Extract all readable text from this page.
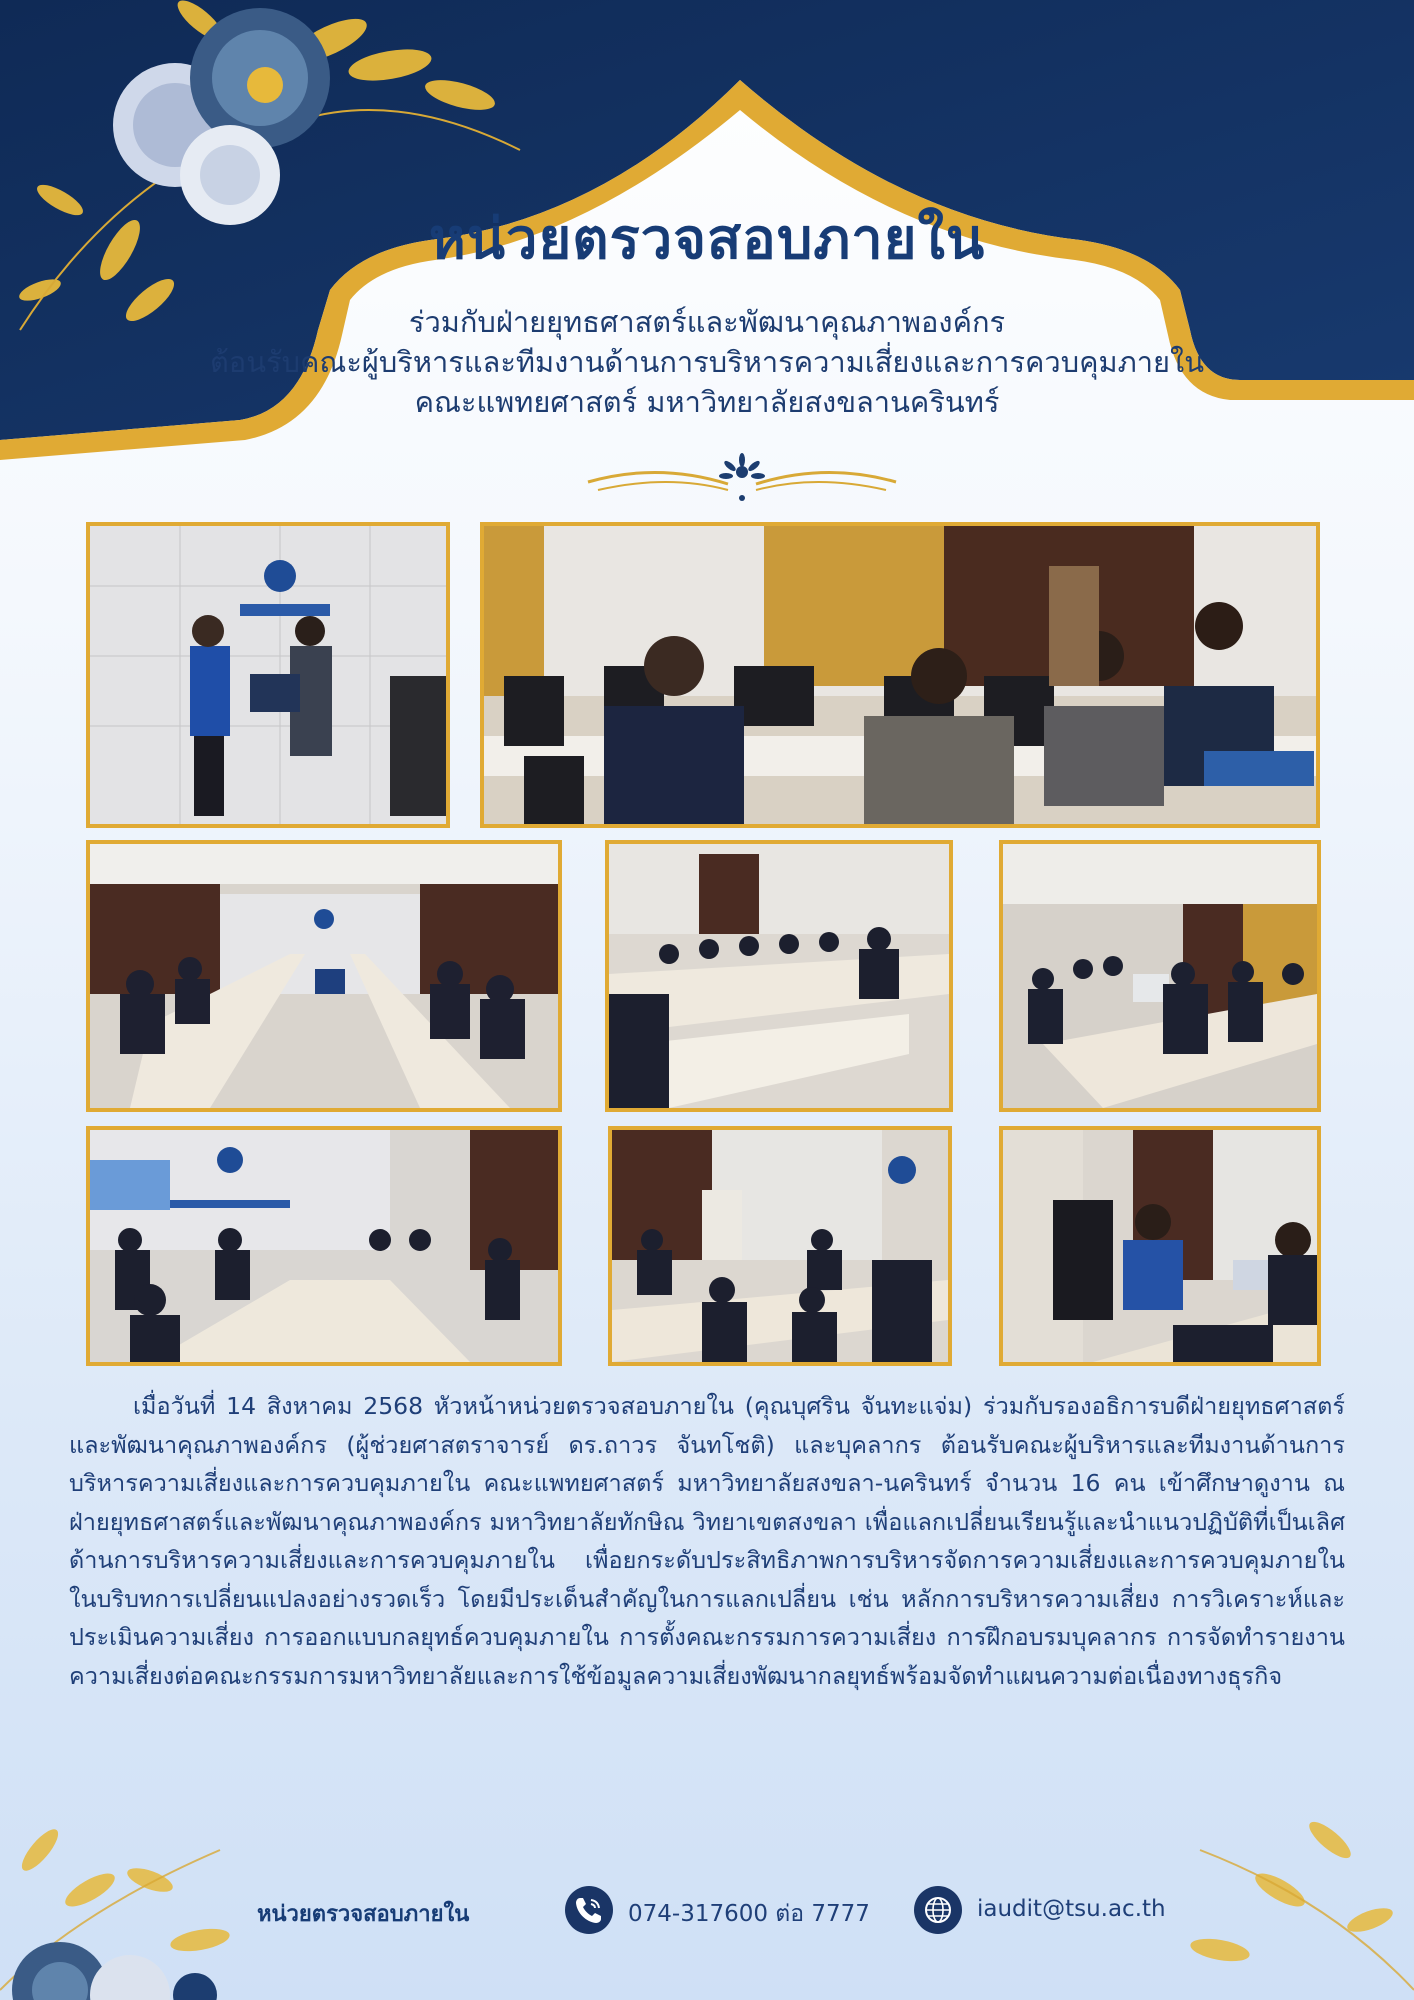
หน่วยตรวจสอบภายใน
ร่วมกับฝ่ายยุทธศาสตร์และพัฒนาคุณภาพองค์กร
ต้อนรับคณะผู้บริหารและทีมงานด้านการบริหารความเสี่ยงและการควบคุมภายใน
คณะแพทยศาสตร์ มหาวิทยาลัยสงขลานครินทร์
เมื่อวันที่ 14 สิงหาคม 2568 หัวหน้าหน่วยตรวจสอบภายใน (คุณบุศริน จันทะแจ่ม) ร่วมกับรองอธิการบดีฝ่ายยุทธศาสตร์และพัฒนาคุณภาพองค์กร (ผู้ช่วยศาสตราจารย์ ดร.ถาวร จันทโชติ) และบุคลากร ต้อนรับคณะผู้บริหารและทีมงานด้านการบริหารความเสี่ยงและการควบคุมภายใน คณะแพทยศาสตร์ มหาวิทยาลัยสงขลา-นครินทร์ จำนวน 16 คน เข้าศึกษาดูงาน ณ ฝ่ายยุทธศาสตร์และพัฒนาคุณภาพองค์กร มหาวิทยาลัยทักษิณ วิทยาเขตสงขลา เพื่อแลกเปลี่ยนเรียนรู้และนำแนวปฏิบัติที่เป็นเลิศด้านการบริหารความเสี่ยงและการควบคุมภายใน เพื่อยกระดับประสิทธิภาพการบริหารจัดการความเสี่ยงและการควบคุมภายในในบริบทการเปลี่ยนแปลงอย่างรวดเร็ว โดยมีประเด็นสำคัญในการแลกเปลี่ยน เช่น หลักการบริหารความเสี่ยง การวิเคราะห์และประเมินความเสี่ยง การออกแบบกลยุทธ์ควบคุมภายใน การตั้งคณะกรรมการความเสี่ยง การฝึกอบรมบุคลากร การจัดทำรายงานความเสี่ยงต่อคณะกรรมการมหาวิทยาลัยและการใช้ข้อมูลความเสี่ยงพัฒนากลยุทธ์พร้อมจัดทำแผนความต่อเนื่องทางธุรกิจ
หน่วยตรวจสอบภายใน	074-317600 ต่อ 7777	iaudit@tsu.ac.th
